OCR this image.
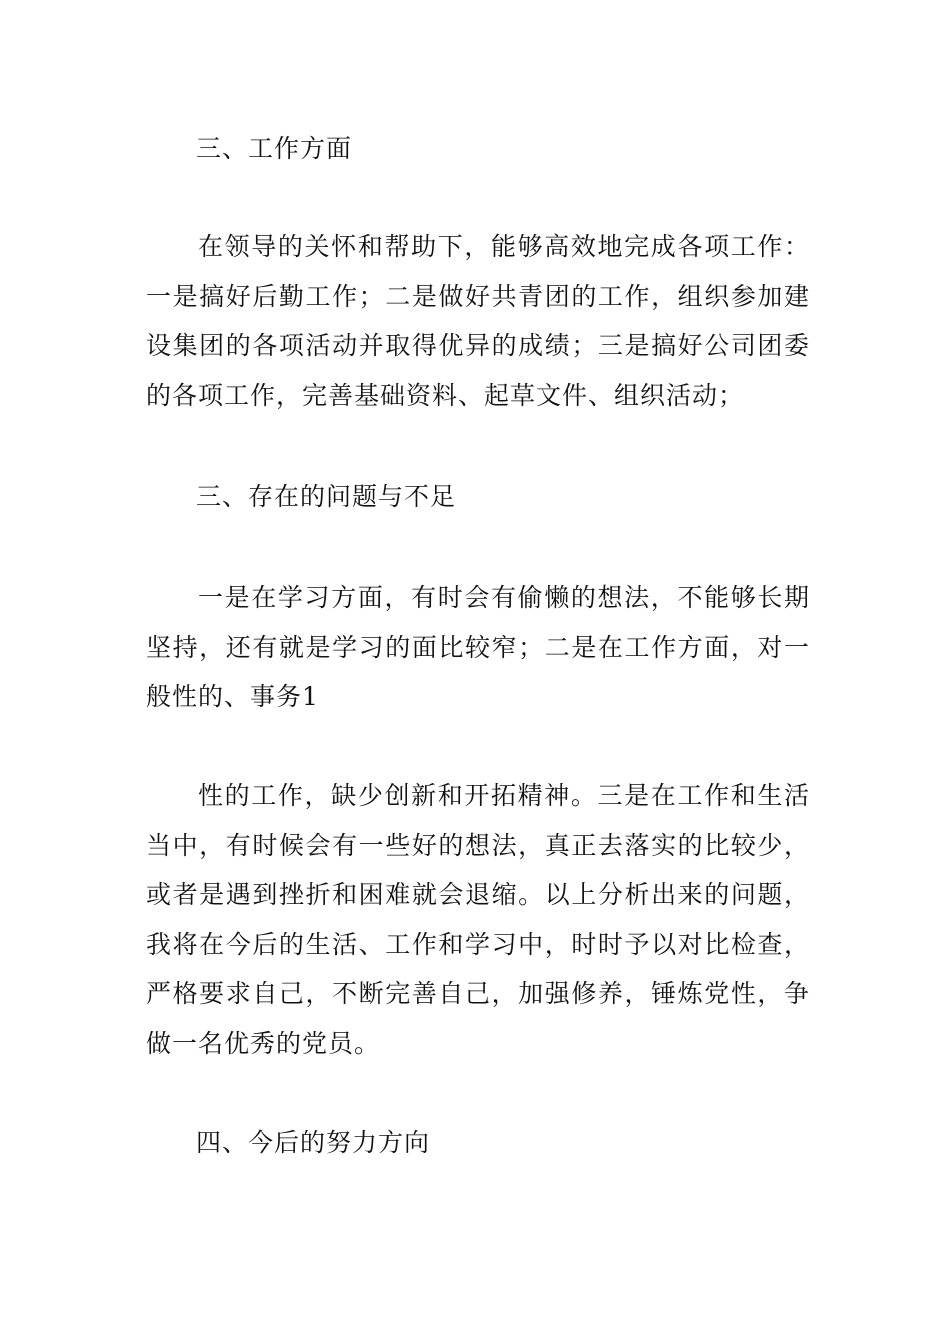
三、工作方面

在领导的关怀和帮助下，能够高效地完成各项工作：一是搞好后勤工作；二是做好共青团的工作，组织参加建设集团的各项活动并取得优异的成绩；三是搞好公司团委的各项工作，完善基础资料、起草文件、组织活动；

三、存在的问题与不足

一是在学习方面，有时会有偷懒的想法，不能够长期坚持，还有就是学习的面比较窄；二是在工作方面，对一般性的、事务1

性的工作，缺少创新和开拓精神。三是在工作和生活当中，有时候会有一些好的想法，真正去落实的比较少，或者是遇到挫折和困难就会退缩。以上分析出来的问题，我将在今后的生活、工作和学习中，时时予以对比检查，严格要求自己，不断完善自己，加强修养，锤炼党性，争做一名优秀的党员。

四、今后的努力方向
